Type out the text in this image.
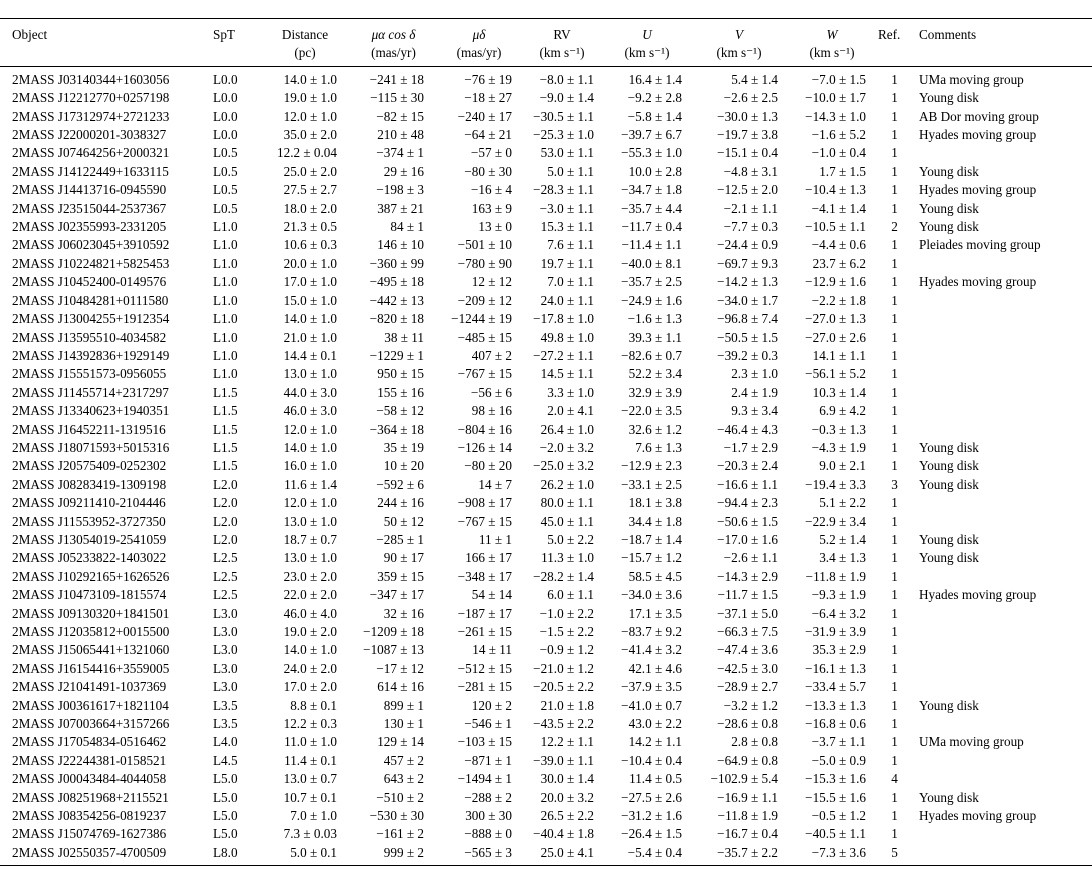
Object	SpT	Distance	μα cos δ	μδ	RV	U	V	W	Ref.	Comments
		(pc)	(mas/yr)	(mas/yr)	(km s⁻¹)	(km s⁻¹)	(km s⁻¹)	(km s⁻¹)		
2MASS J03140344+1603056	L0.0	14.0 ± 1.0	−241 ± 18	−76 ± 19	−8.0 ± 1.1	16.4 ± 1.4	5.4 ± 1.4	−7.0 ± 1.5	1	UMa moving group
2MASS J12212770+0257198	L0.0	19.0 ± 1.0	−115 ± 30	−18 ± 27	−9.0 ± 1.4	−9.2 ± 2.8	−2.6 ± 2.5	−10.0 ± 1.7	1	Young disk
2MASS J17312974+2721233	L0.0	12.0 ± 1.0	−82 ± 15	−240 ± 17	−30.5 ± 1.1	−5.8 ± 1.4	−30.0 ± 1.3	−14.3 ± 1.0	1	AB Dor moving group
2MASS J22000201-3038327	L0.0	35.0 ± 2.0	210 ± 48	−64 ± 21	−25.3 ± 1.0	−39.7 ± 6.7	−19.7 ± 3.8	−1.6 ± 5.2	1	Hyades moving group
2MASS J07464256+2000321	L0.5	12.2 ± 0.04	−374 ± 1	−57 ± 0	53.0 ± 1.1	−55.3 ± 1.0	−15.1 ± 0.4	−1.0 ± 0.4	1	
2MASS J14122449+1633115	L0.5	25.0 ± 2.0	29 ± 16	−80 ± 30	5.0 ± 1.1	10.0 ± 2.8	−4.8 ± 3.1	1.7 ± 1.5	1	Young disk
2MASS J14413716-0945590	L0.5	27.5 ± 2.7	−198 ± 3	−16 ± 4	−28.3 ± 1.1	−34.7 ± 1.8	−12.5 ± 2.0	−10.4 ± 1.3	1	Hyades moving group
2MASS J23515044-2537367	L0.5	18.0 ± 2.0	387 ± 21	163 ± 9	−3.0 ± 1.1	−35.7 ± 4.4	−2.1 ± 1.1	−4.1 ± 1.4	1	Young disk
2MASS J02355993-2331205	L1.0	21.3 ± 0.5	84 ± 1	13 ± 0	15.3 ± 1.1	−11.7 ± 0.4	−7.7 ± 0.3	−10.5 ± 1.1	2	Young disk
2MASS J06023045+3910592	L1.0	10.6 ± 0.3	146 ± 10	−501 ± 10	7.6 ± 1.1	−11.4 ± 1.1	−24.4 ± 0.9	−4.4 ± 0.6	1	Pleiades moving group
2MASS J10224821+5825453	L1.0	20.0 ± 1.0	−360 ± 99	−780 ± 90	19.7 ± 1.1	−40.0 ± 8.1	−69.7 ± 9.3	23.7 ± 6.2	1	
2MASS J10452400-0149576	L1.0	17.0 ± 1.0	−495 ± 18	12 ± 12	7.0 ± 1.1	−35.7 ± 2.5	−14.2 ± 1.3	−12.9 ± 1.6	1	Hyades moving group
2MASS J10484281+0111580	L1.0	15.0 ± 1.0	−442 ± 13	−209 ± 12	24.0 ± 1.1	−24.9 ± 1.6	−34.0 ± 1.7	−2.2 ± 1.8	1	
2MASS J13004255+1912354	L1.0	14.0 ± 1.0	−820 ± 18	−1244 ± 19	−17.8 ± 1.0	−1.6 ± 1.3	−96.8 ± 7.4	−27.0 ± 1.3	1	
2MASS J13595510-4034582	L1.0	21.0 ± 1.0	38 ± 11	−485 ± 15	49.8 ± 1.0	39.3 ± 1.1	−50.5 ± 1.5	−27.0 ± 2.6	1	
2MASS J14392836+1929149	L1.0	14.4 ± 0.1	−1229 ± 1	407 ± 2	−27.2 ± 1.1	−82.6 ± 0.7	−39.2 ± 0.3	14.1 ± 1.1	1	
2MASS J15551573-0956055	L1.0	13.0 ± 1.0	950 ± 15	−767 ± 15	14.5 ± 1.1	52.2 ± 3.4	2.3 ± 1.0	−56.1 ± 5.2	1	
2MASS J11455714+2317297	L1.5	44.0 ± 3.0	155 ± 16	−56 ± 6	3.3 ± 1.0	32.9 ± 3.9	2.4 ± 1.9	10.3 ± 1.4	1	
2MASS J13340623+1940351	L1.5	46.0 ± 3.0	−58 ± 12	98 ± 16	2.0 ± 4.1	−22.0 ± 3.5	9.3 ± 3.4	6.9 ± 4.2	1	
2MASS J16452211-1319516	L1.5	12.0 ± 1.0	−364 ± 18	−804 ± 16	26.4 ± 1.0	32.6 ± 1.2	−46.4 ± 4.3	−0.3 ± 1.3	1	
2MASS J18071593+5015316	L1.5	14.0 ± 1.0	35 ± 19	−126 ± 14	−2.0 ± 3.2	7.6 ± 1.3	−1.7 ± 2.9	−4.3 ± 1.9	1	Young disk
2MASS J20575409-0252302	L1.5	16.0 ± 1.0	10 ± 20	−80 ± 20	−25.0 ± 3.2	−12.9 ± 2.3	−20.3 ± 2.4	9.0 ± 2.1	1	Young disk
2MASS J08283419-1309198	L2.0	11.6 ± 1.4	−592 ± 6	14 ± 7	26.2 ± 1.0	−33.1 ± 2.5	−16.6 ± 1.1	−19.4 ± 3.3	3	Young disk
2MASS J09211410-2104446	L2.0	12.0 ± 1.0	244 ± 16	−908 ± 17	80.0 ± 1.1	18.1 ± 3.8	−94.4 ± 2.3	5.1 ± 2.2	1	
2MASS J11553952-3727350	L2.0	13.0 ± 1.0	50 ± 12	−767 ± 15	45.0 ± 1.1	34.4 ± 1.8	−50.6 ± 1.5	−22.9 ± 3.4	1	
2MASS J13054019-2541059	L2.0	18.7 ± 0.7	−285 ± 1	11 ± 1	5.0 ± 2.2	−18.7 ± 1.4	−17.0 ± 1.6	5.2 ± 1.4	1	Young disk
2MASS J05233822-1403022	L2.5	13.0 ± 1.0	90 ± 17	166 ± 17	11.3 ± 1.0	−15.7 ± 1.2	−2.6 ± 1.1	3.4 ± 1.3	1	Young disk
2MASS J10292165+1626526	L2.5	23.0 ± 2.0	359 ± 15	−348 ± 17	−28.2 ± 1.4	58.5 ± 4.5	−14.3 ± 2.9	−11.8 ± 1.9	1	
2MASS J10473109-1815574	L2.5	22.0 ± 2.0	−347 ± 17	54 ± 14	6.0 ± 1.1	−34.0 ± 3.6	−11.7 ± 1.5	−9.3 ± 1.9	1	Hyades moving group
2MASS J09130320+1841501	L3.0	46.0 ± 4.0	32 ± 16	−187 ± 17	−1.0 ± 2.2	17.1 ± 3.5	−37.1 ± 5.0	−6.4 ± 3.2	1	
2MASS J12035812+0015500	L3.0	19.0 ± 2.0	−1209 ± 18	−261 ± 15	−1.5 ± 2.2	−83.7 ± 9.2	−66.3 ± 7.5	−31.9 ± 3.9	1	
2MASS J15065441+1321060	L3.0	14.0 ± 1.0	−1087 ± 13	14 ± 11	−0.9 ± 1.2	−41.4 ± 3.2	−47.4 ± 3.6	35.3 ± 2.9	1	
2MASS J16154416+3559005	L3.0	24.0 ± 2.0	−17 ± 12	−512 ± 15	−21.0 ± 1.2	42.1 ± 4.6	−42.5 ± 3.0	−16.1 ± 1.3	1	
2MASS J21041491-1037369	L3.0	17.0 ± 2.0	614 ± 16	−281 ± 15	−20.5 ± 2.2	−37.9 ± 3.5	−28.9 ± 2.7	−33.4 ± 5.7	1	
2MASS J00361617+1821104	L3.5	8.8 ± 0.1	899 ± 1	120 ± 2	21.0 ± 1.8	−41.0 ± 0.7	−3.2 ± 1.2	−13.3 ± 1.3	1	Young disk
2MASS J07003664+3157266	L3.5	12.2 ± 0.3	130 ± 1	−546 ± 1	−43.5 ± 2.2	43.0 ± 2.2	−28.6 ± 0.8	−16.8 ± 0.6	1	
2MASS J17054834-0516462	L4.0	11.0 ± 1.0	129 ± 14	−103 ± 15	12.2 ± 1.1	14.2 ± 1.1	2.8 ± 0.8	−3.7 ± 1.1	1	UMa moving group
2MASS J22244381-0158521	L4.5	11.4 ± 0.1	457 ± 2	−871 ± 1	−39.0 ± 1.1	−10.4 ± 0.4	−64.9 ± 0.8	−5.0 ± 0.9	1	
2MASS J00043484-4044058	L5.0	13.0 ± 0.7	643 ± 2	−1494 ± 1	30.0 ± 1.4	11.4 ± 0.5	−102.9 ± 5.4	−15.3 ± 1.6	4	
2MASS J08251968+2115521	L5.0	10.7 ± 0.1	−510 ± 2	−288 ± 2	20.0 ± 3.2	−27.5 ± 2.6	−16.9 ± 1.1	−15.5 ± 1.6	1	Young disk
2MASS J08354256-0819237	L5.0	7.0 ± 1.0	−530 ± 30	300 ± 30	26.5 ± 2.2	−31.2 ± 1.6	−11.8 ± 1.9	−0.5 ± 1.2	1	Hyades moving group
2MASS J15074769-1627386	L5.0	7.3 ± 0.03	−161 ± 2	−888 ± 0	−40.4 ± 1.8	−26.4 ± 1.5	−16.7 ± 0.4	−40.5 ± 1.1	1	
2MASS J02550357-4700509	L8.0	5.0 ± 0.1	999 ± 2	−565 ± 3	25.0 ± 4.1	−5.4 ± 0.4	−35.7 ± 2.2	−7.3 ± 3.6	5	
